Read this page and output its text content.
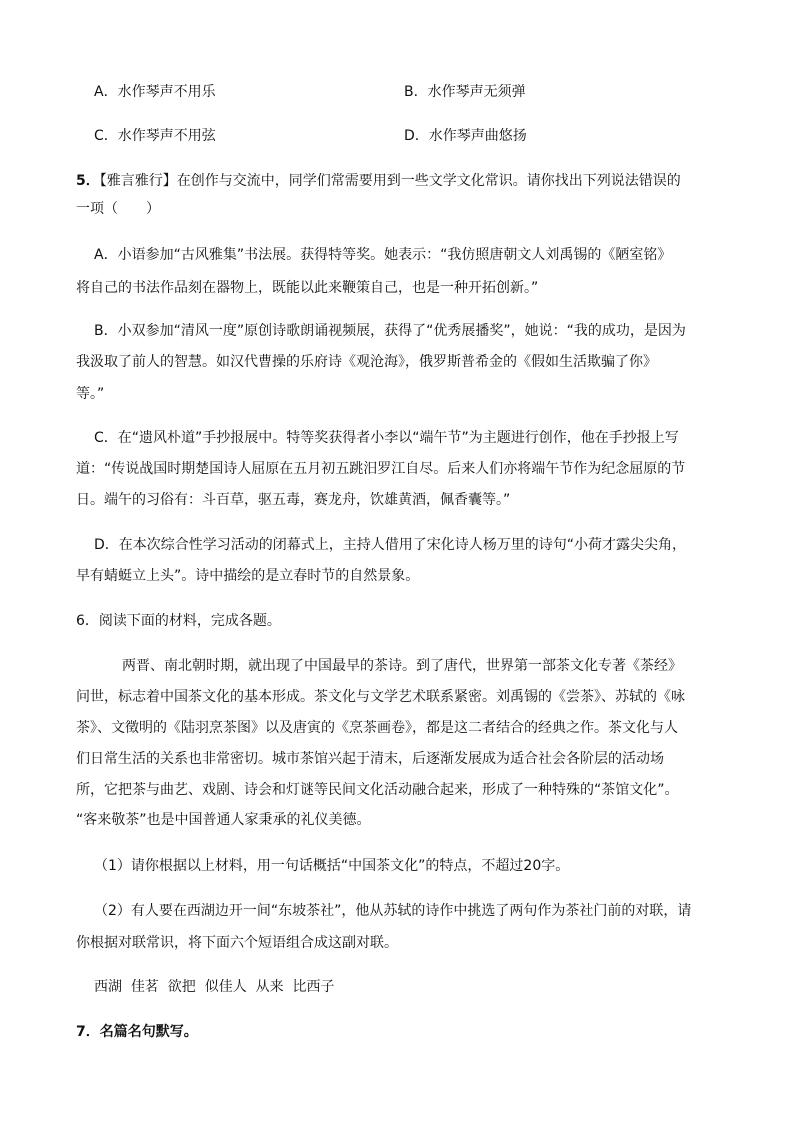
A．水作琴声不用乐	B．水作琴声无须弹
C．水作琴声不用弦	D．水作琴声曲悠扬
5．【雅言雅行】在创作与交流中，同学们常需要用到一些文学文化常识。请你找出下列说法错误的
一项（　　）
A．小语参加“古风雅集”书法展。获得特等奖。她表示：“我仿照唐朝文人刘禹锡的《陋室铭》
将自己的书法作品刻在器物上，既能以此来鞭策自己，也是一种开拓创新。”
B．小双参加“清风一度”原创诗歌朗诵视频展，获得了“优秀展播奖”，她说：“我的成功，是因为
我汲取了前人的智慧。如汉代曹操的乐府诗《观沧海》，俄罗斯普希金的《假如生活欺骗了你》
等。”
C．在“遗风朴道”手抄报展中。特等奖获得者小李以“端午节”为主题进行创作，他在手抄报上写
道：“传说战国时期楚国诗人屈原在五月初五跳汨罗江自尽。后来人们亦将端午节作为纪念屈原的节
日。端午的习俗有：斗百草，驱五毒，赛龙舟，饮雄黄酒，佩香囊等。”
D．在本次综合性学习活动的闭幕式上，主持人借用了宋化诗人杨万里的诗句“小荷才露尖尖角，
早有蜻蜓立上头”。诗中描绘的是立春时节的自然景象。
6．阅读下面的材料，完成各题。
两晋、南北朝时期，就出现了中国最早的茶诗。到了唐代，世界第一部茶文化专著《茶经》
问世，标志着中国茶文化的基本形成。茶文化与文学艺术联系紧密。刘禹锡的《尝茶》、苏轼的《咏
茶》、文徵明的《陆羽烹茶图》以及唐寅的《烹茶画卷》，都是这二者结合的经典之作。茶文化与人
们日常生活的关系也非常密切。城市茶馆兴起于清末，后逐渐发展成为适合社会各阶层的活动场
所，它把茶与曲艺、戏剧、诗会和灯谜等民间文化活动融合起来，形成了一种特殊的“茶馆文化”。
“客来敬茶”也是中国普通人家秉承的礼仪美德。
（1）请你根据以上材料，用一句话概括“中国茶文化”的特点，不超过20字。
（2）有人要在西湖边开一间“东坡茶社”，他从苏轼的诗作中挑选了两句作为茶社门前的对联，请
你根据对联常识，将下面六个短语组合成这副对联。
西湖  佳茗  欲把  似佳人  从来  比西子
7．名篇名句默写。
